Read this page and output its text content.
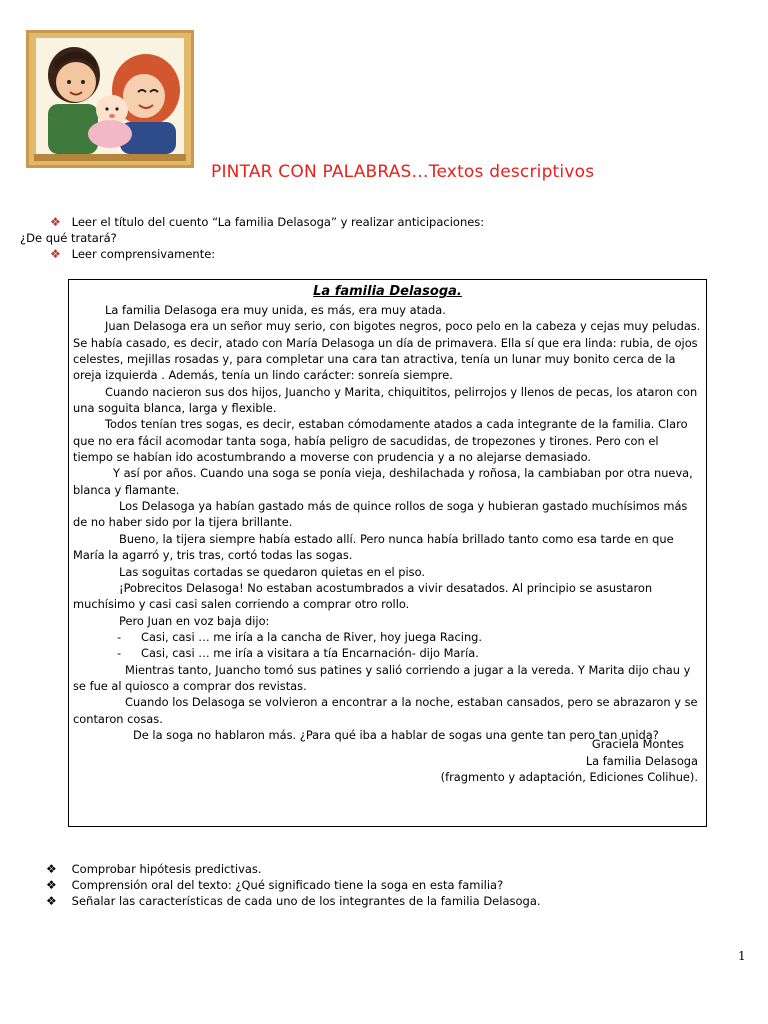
PINTAR CON PALABRAS…Textos descriptivos
❖ Leer el título del cuento “La familia Delasoga” y realizar anticipaciones:
¿De qué tratará?
❖ Leer comprensivamente:
La familia Delasoga.

La familia Delasoga era muy unida, es más, era muy atada.

Juan Delasoga era un señor muy serio, con bigotes negros, poco pelo en la cabeza y cejas muy peludas. Se había casado, es decir, atado con María Delasoga un día de primavera. Ella sí que era linda: rubia, de ojos celestes, mejillas rosadas y, para completar una cara tan atractiva, tenía un lunar muy bonito cerca de la oreja izquierda . Además, tenía un lindo carácter: sonreía siempre.

Cuando nacieron sus dos hijos, Juancho y Marita, chiquititos, pelirrojos y llenos de pecas, los ataron con una soguita blanca, larga y flexible.

Todos tenían tres sogas, es decir, estaban cómodamente atados a cada integrante de la familia. Claro que no era fácil acomodar tanta soga, había peligro de sacudidas, de tropezones y tirones. Pero con el tiempo se habían ido acostumbrando a moverse con prudencia y a no alejarse demasiado.

Y así por años. Cuando una soga se ponía vieja, deshilachada y roñosa, la cambiaban por otra nueva, blanca y flamante.

Los Delasoga ya habían gastado más de quince rollos de soga y hubieran gastado muchísimos más de no haber sido por la tijera brillante.

Bueno, la tijera siempre había estado allí. Pero nunca había brillado tanto como esa tarde en que María la agarró y, tris tras, cortó todas las sogas.

Las soguitas cortadas se quedaron quietas en el piso.

¡Pobrecitos Delasoga! No estaban acostumbrados a vivir desatados. Al principio se asustaron muchísimo y casi casi salen corriendo a comprar otro rollo.

Pero Juan en voz baja dijo:

- Casi, casi … me iría a la cancha de River, hoy juega Racing.

- Casi, casi … me iría a visitara a tía Encarnación- dijo María.

Mientras tanto, Juancho tomó sus patines y salió corriendo a jugar a la vereda. Y Marita dijo chau y se fue al quiosco a comprar dos revistas.

Cuando los Delasoga se volvieron a encontrar a la noche, estaban cansados, pero se abrazaron y se contaron cosas.

De la soga no hablaron más. ¿Para qué iba a hablar de sogas una gente tan pero tan unida?

Graciela Montes
La familia Delasoga
(fragmento y adaptación, Ediciones Colihue).
❖ Comprobar hipótesis predictivas.
❖ Comprensión oral del texto: ¿Qué significado tiene la soga en esta familia?
❖ Señalar las características de cada uno de los integrantes de la familia Delasoga.
1
